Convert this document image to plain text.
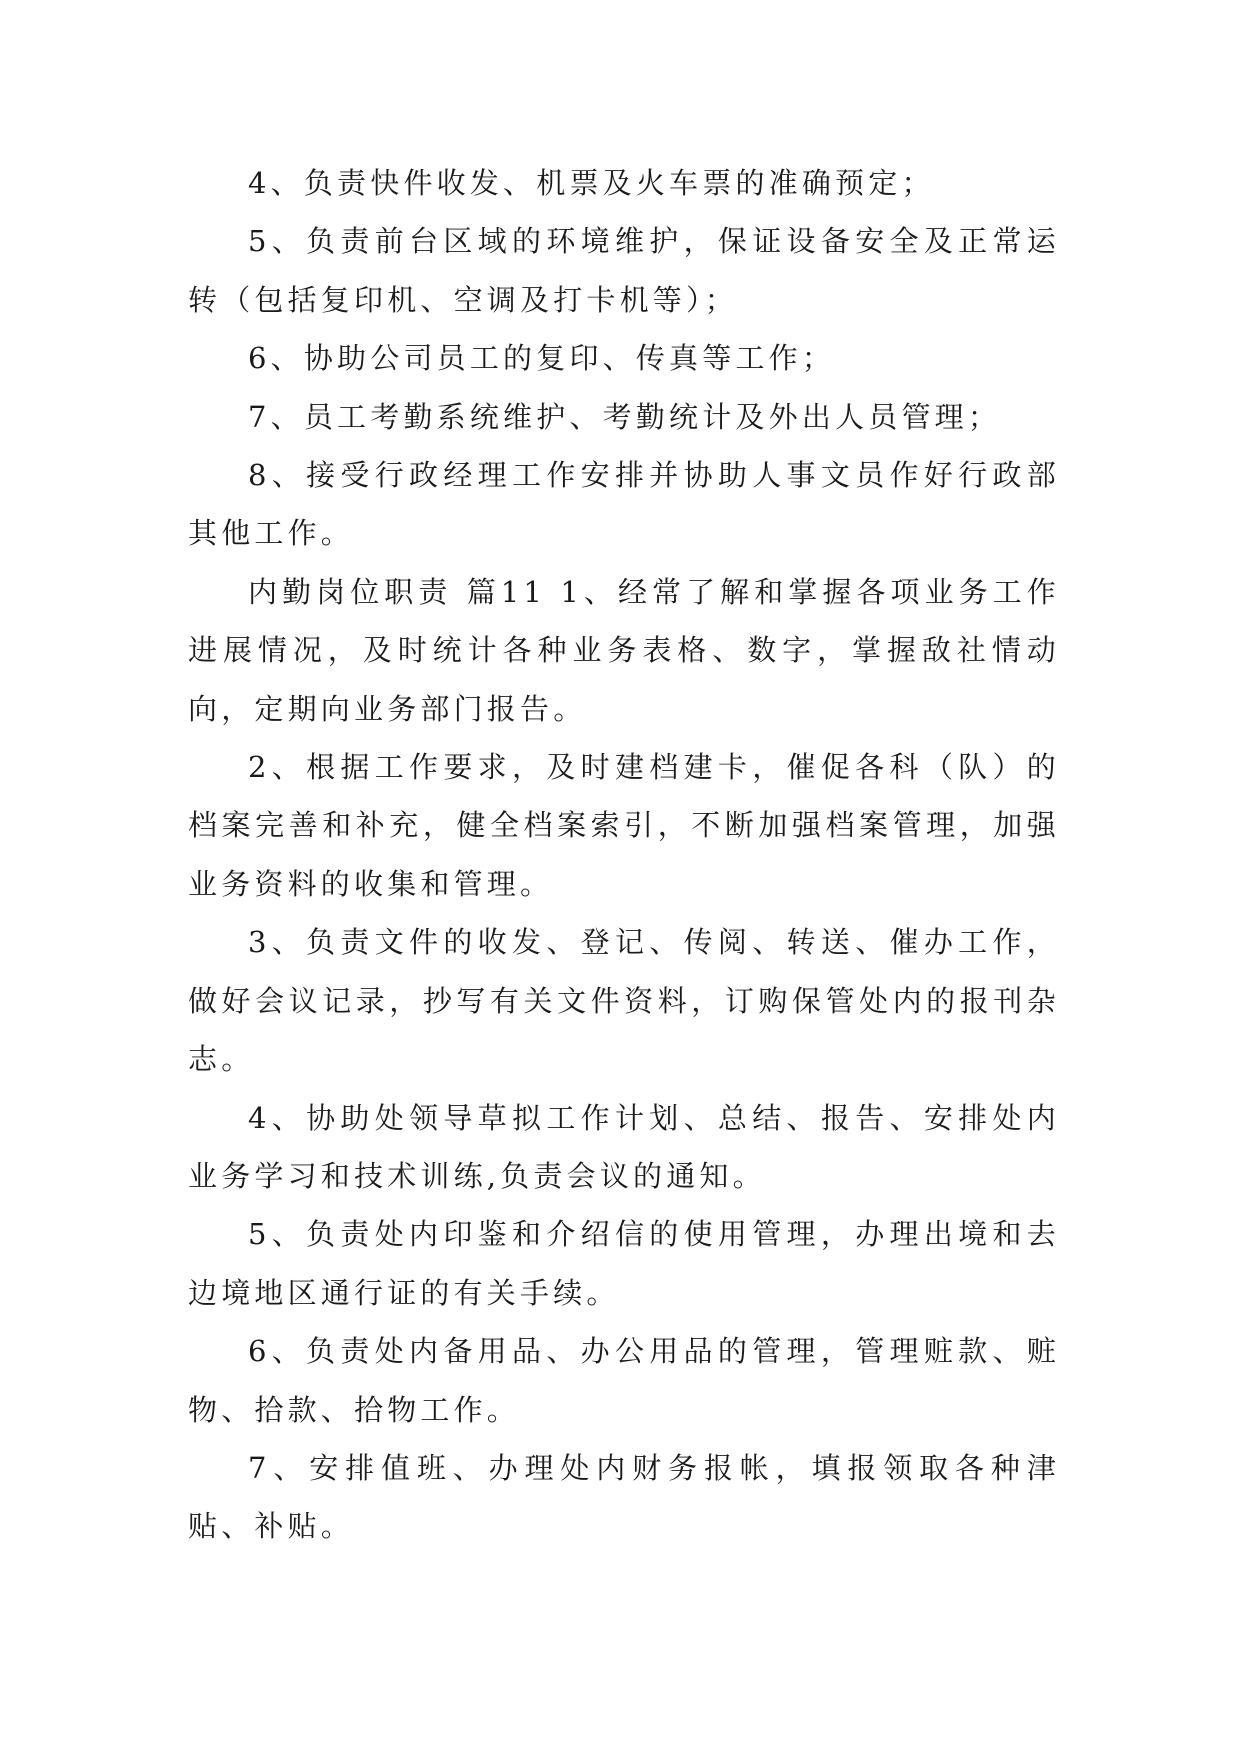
4、负责快件收发、机票及火车票的准确预定；

5、负责前台区域的环境维护，保证设备安全及正常运转（包括复印机、空调及打卡机等）；

6、协助公司员工的复印、传真等工作；

7、员工考勤系统维护、考勤统计及外出人员管理；

8、接受行政经理工作安排并协助人事文员作好行政部其他工作。

内勤岗位职责 篇11 1、经常了解和掌握各项业务工作进展情况，及时统计各种业务表格、数字，掌握敌社情动向，定期向业务部门报告。

2、根据工作要求，及时建档建卡，催促各科（队）的档案完善和补充，健全档案索引，不断加强档案管理，加强业务资料的收集和管理。

3、负责文件的收发、登记、传阅、转送、催办工作，做好会议记录，抄写有关文件资料，订购保管处内的报刊杂志。

4、协助处领导草拟工作计划、总结、报告、安排处内业务学习和技术训练,负责会议的通知。

5、负责处内印鉴和介绍信的使用管理，办理出境和去边境地区通行证的有关手续。

6、负责处内备用品、办公用品的管理，管理赃款、赃物、拾款、拾物工作。

7、安排值班、办理处内财务报帐，填报领取各种津贴、补贴。
